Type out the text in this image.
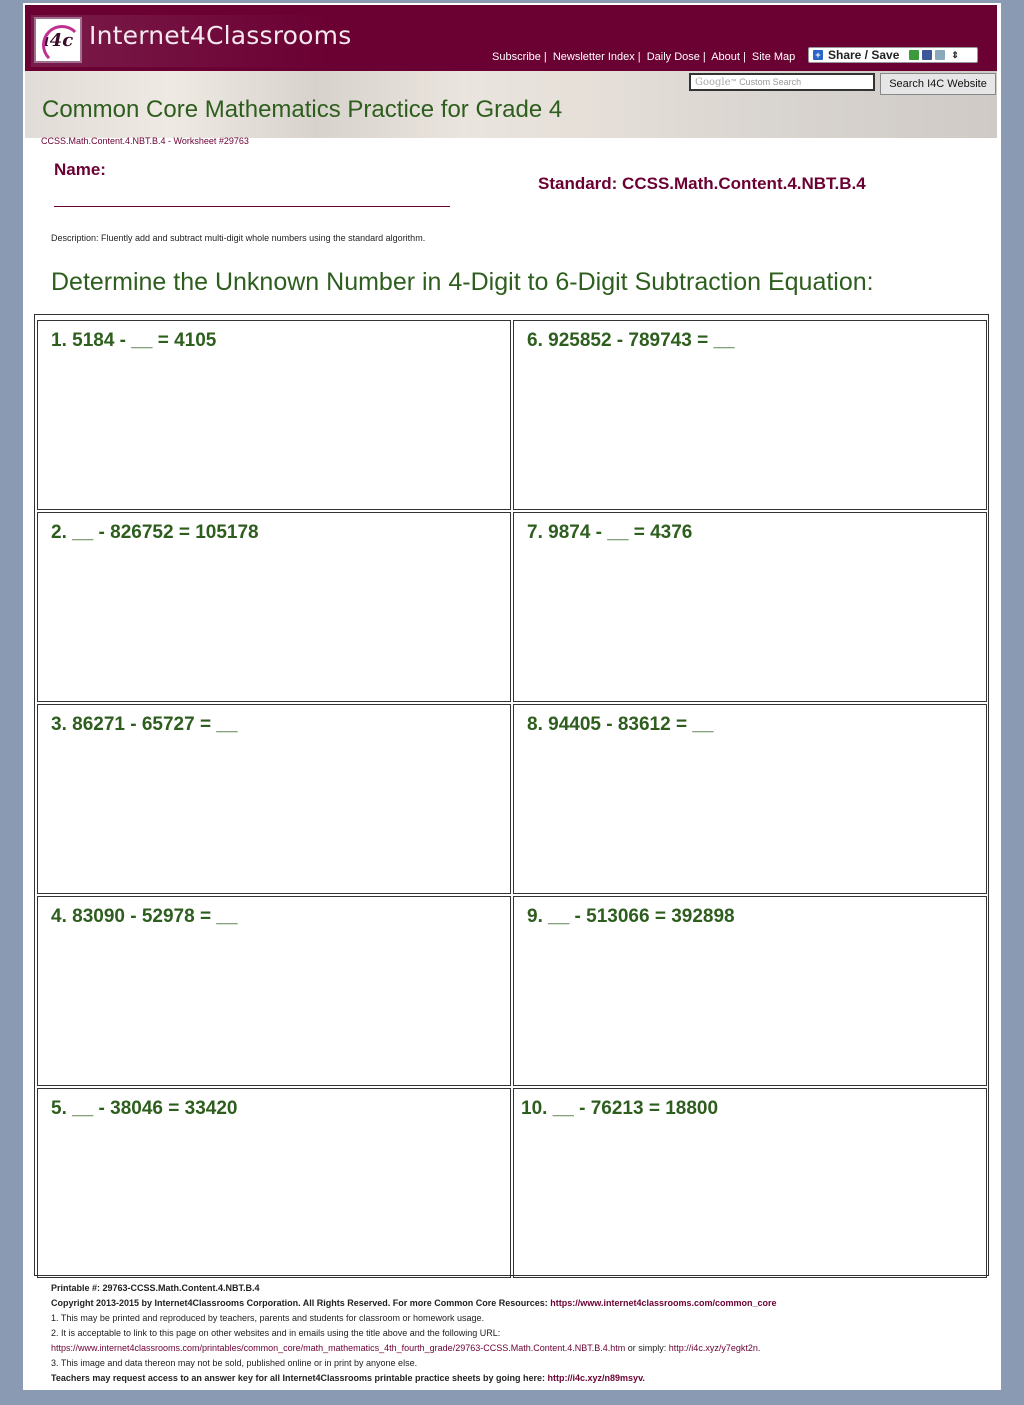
i4c Internet4Classrooms
Subscribe | Newsletter Index | Daily Dose | About | Site Map	+ Share / Save	⇕
Google™ Custom Search	Search I4C Website
Common Core Mathematics Practice for Grade 4
CCSS.Math.Content.4.NBT.B.4 - Worksheet #29763
Name:
Standard: CCSS.Math.Content.4.NBT.B.4
Description: Fluently add and subtract multi-digit whole numbers using the standard algorithm.
Determine the Unknown Number in 4-Digit to 6-Digit Subtraction Equation:
1. 5184 - __ = 4105
2. __ - 826752 = 105178
3. 86271 - 65727 = __
4. 83090 - 52978 = __
5. __ - 38046 = 33420
6. 925852 - 789743 = __
7. 9874 - __ = 4376
8. 94405 - 83612 = __
9. __ - 513066 = 392898
10. __ - 76213 = 18800
Printable #: 29763-CCSS.Math.Content.4.NBT.B.4
Copyright 2013-2015 by Internet4Classrooms Corporation. All Rights Reserved. For more Common Core Resources: https://www.internet4classrooms.com/common_core
1. This may be printed and reproduced by teachers, parents and students for classroom or homework usage.
2. It is acceptable to link to this page on other websites and in emails using the title above and the following URL:
https://www.internet4classrooms.com/printables/common_core/math_mathematics_4th_fourth_grade/29763-CCSS.Math.Content.4.NBT.B.4.htm or simply: http://i4c.xyz/y7egkt2n.
3. This image and data thereon may not be sold, published online or in print by anyone else.
Teachers may request access to an answer key for all Internet4Classrooms printable practice sheets by going here: http://i4c.xyz/n89msyv.
